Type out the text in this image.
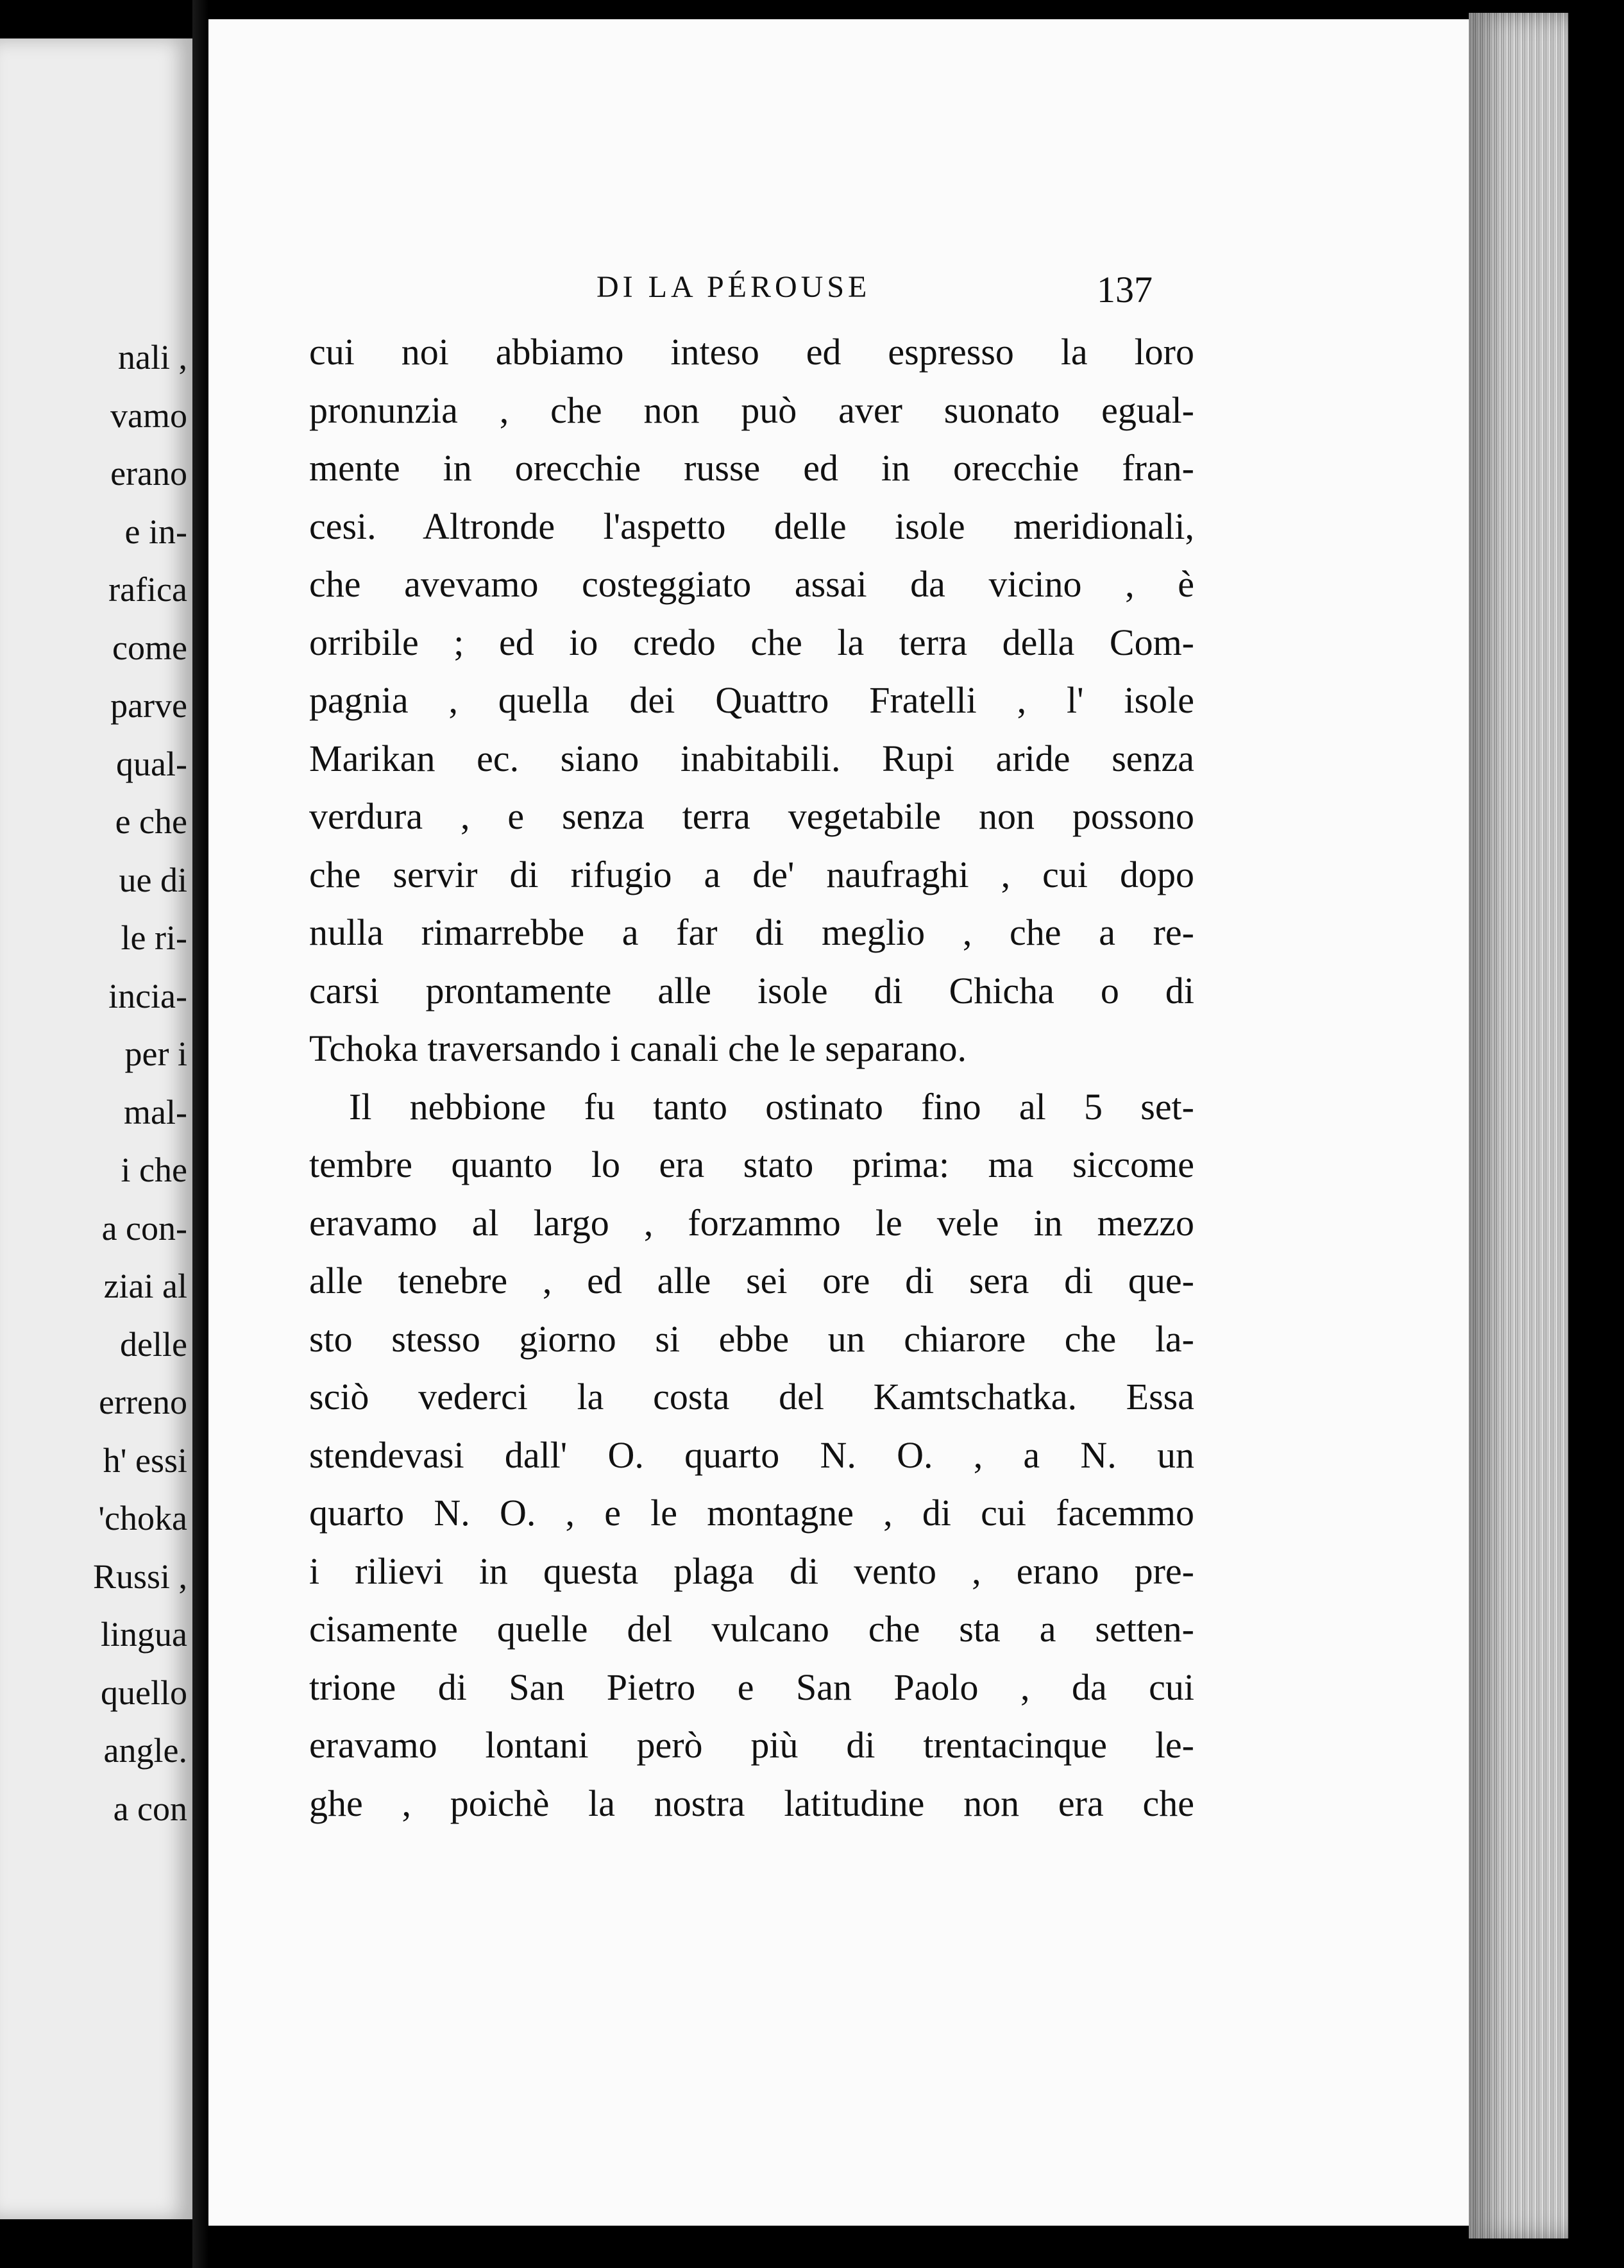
nali ,
vamo
erano
e in-
rafica
come
parve
qual-
e che
ue di
le ri-
incia-
per i
mal-
i che
a con-
ziai al
delle
erreno
h' essi
'choka
Russi ,
lingua
quello
angle.
a con
DI LA PÉROUSE	137
cui noi abbiamo inteso ed espresso la loro
pronunzia , che non può aver suonato egual-
mente in orecchie russe ed in orecchie fran-
cesi. Altronde l'aspetto delle isole meridionali,
che avevamo costeggiato assai da vicino , è
orribile ; ed io credo che la terra della Com-
pagnia , quella dei Quattro Fratelli , l' isole
Marikan ec. siano inabitabili. Rupi aride senza
verdura , e senza terra vegetabile non possono
che servir di rifugio a de' naufraghi , cui dopo
nulla rimarrebbe a far di meglio , che a re-
carsi prontamente alle isole di Chicha o di
Tchoka traversando i canali che le separano.
Il nebbione fu tanto ostinato fino al 5 set-
tembre quanto lo era stato prima: ma siccome
eravamo al largo , forzammo le vele in mezzo
alle tenebre , ed alle sei ore di sera di que-
sto stesso giorno si ebbe un chiarore che la-
sciò vederci la costa del Kamtschatka. Essa
stendevasi dall' O. quarto N. O. , a N. un
quarto N. O. , e le montagne , di cui facemmo
i rilievi in questa plaga di vento , erano pre-
cisamente quelle del vulcano che sta a setten-
trione di San Pietro e San Paolo , da cui
eravamo lontani però più di trentacinque le-
ghe , poichè la nostra latitudine non era che
